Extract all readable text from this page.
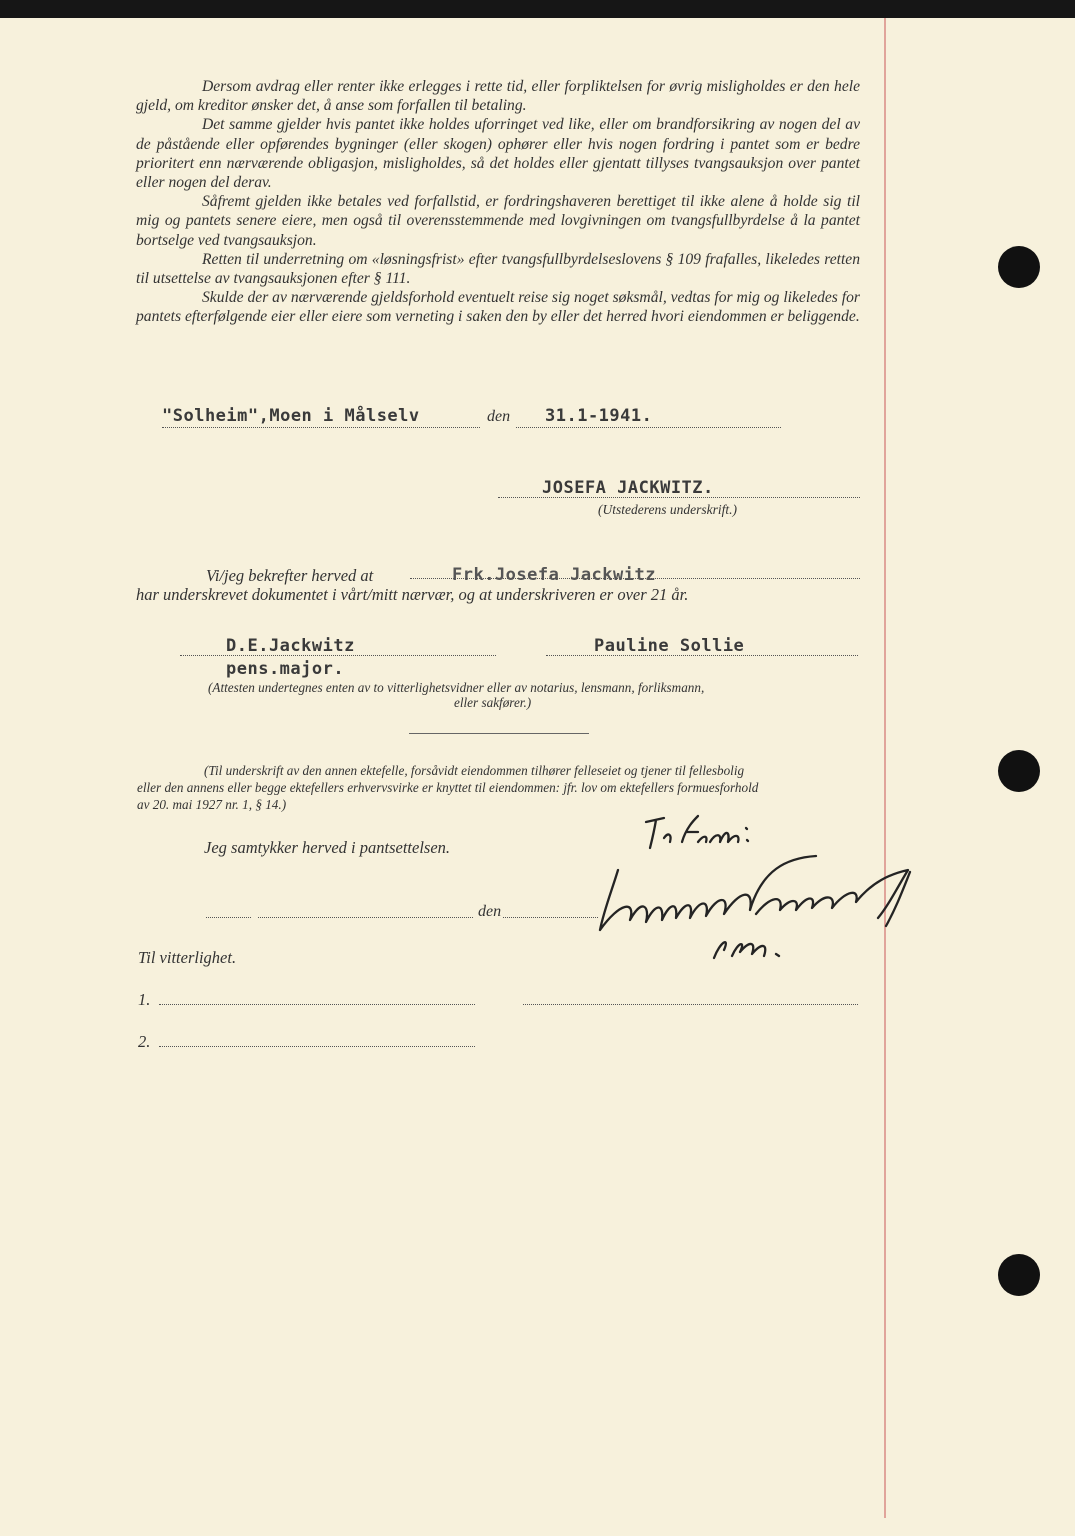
Dersom avdrag eller renter ikke erlegges i rette tid, eller forpliktelsen for øvrig misligholdes er den hele gjeld, om kreditor ønsker det, å anse som forfallen til betaling.

Det samme gjelder hvis pantet ikke holdes uforringet ved like, eller om brandforsikring av nogen del av de påstående eller opførendes bygninger (eller skogen) ophører eller hvis nogen fordring i pantet som er bedre prioritert enn nærværende obligasjon, misligholdes, så det holdes eller gjentatt tillyses tvangsauksjon over pantet eller nogen del derav.

Såfremt gjelden ikke betales ved forfallstid, er fordringshaveren berettiget til ikke alene å holde sig til mig og pantets senere eiere, men også til overensstemmende med lovgivningen om tvangsfullbyrdelse å la pantet bortselge ved tvangsauksjon.

Retten til underretning om «løsningsfrist» efter tvangsfullbyrdelseslovens § 109 frafalles, likeledes retten til utsettelse av tvangsauksjonen efter § 111.

Skulde der av nærværende gjeldsforhold eventuelt reise sig noget søksmål, vedtas for mig og likeledes for pantets efterfølgende eier eller eiere som verneting i saken den by eller det herred hvori eiendommen er beliggende.

"Solheim",Moen i Målselv	den 31.1-1941.
JOSEFA JACKWITZ.
(Utstederens underskrift.)
Vi/jeg bekrefter herved at	Frk.Josefa Jackwitz
har underskrevet dokumentet i vårt/mitt nærvær, og at underskriveren er over 21 år.
D.E.Jackwitz
pens.major.
Pauline Sollie
(Attesten undertegnes enten av to vitterlighetsvidner eller av notarius, lensmann, forliksmann,
eller sakfører.)
(Til underskrift av den annen ektefelle, forsåvidt eiendommen tilhører felleseiet og tjener til fellesbolig
eller den annens eller begge ektefellers erhvervsvirke er knyttet til eiendommen: jfr. lov om ektefellers formuesforhold
av 20. mai 1927 nr. 1, § 14.)
Jeg samtykker herved i pantsettelsen.
den
Til vitterlighet.
1.
2.
